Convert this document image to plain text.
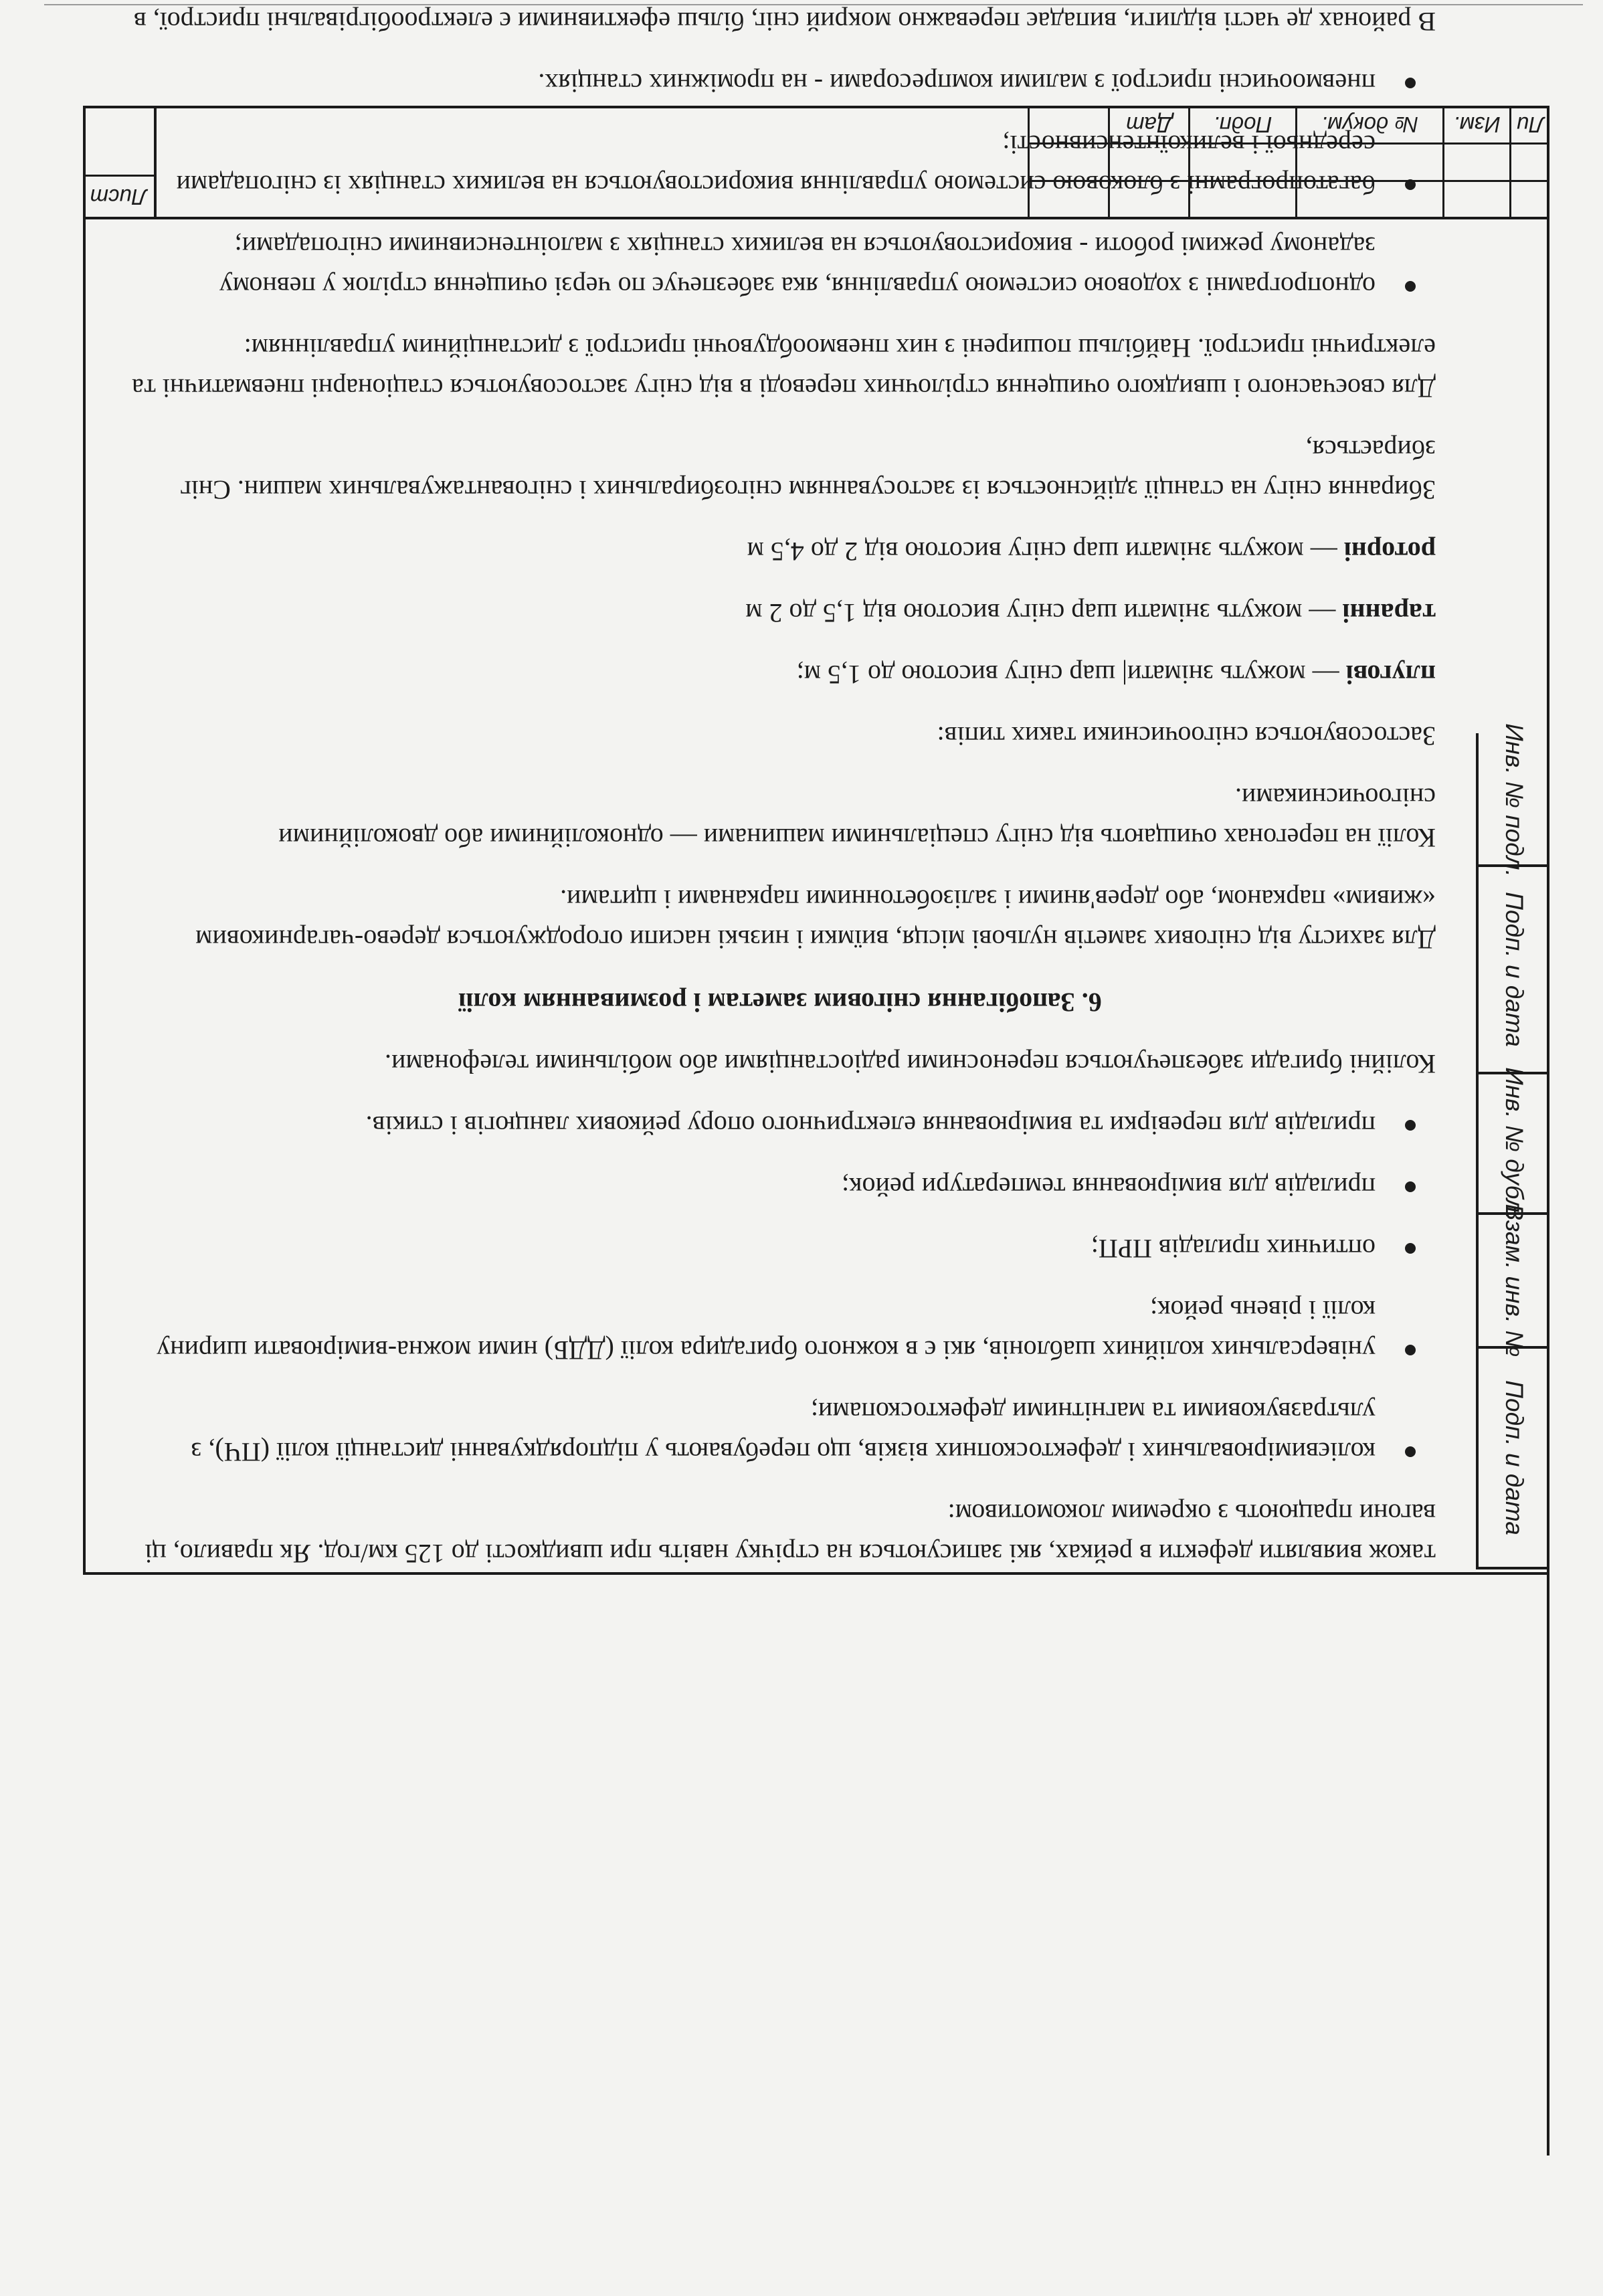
Подп. и дата
Взам. инв. №
Инв. № дубл.
Подп. и дата
Инв. № подл.

також виявляти дефекти в рейках, які записуються на стрічку навіть при швидкості до 125 км/год. Як правило, ці вагони працюють з окремим локомотивом:

колієвимірювальних і дефектоскопних візків, що перебувають у підпорядкуванні дистанції колії (ПЧ), з ультразвуковими та магнітними дефектоскопами;
універсальних колійних шаблонів, які є в кожного бригадира колії (ДДБ) ними можна-вимірювати ширину колії і рівень рейок;
оптичних приладів ПРП;
приладів для вимірювання температури рейок;
приладів для перевірки та вимірювання електричного опору рейкових ланцюгів і стиків.

Колійні бригади забезпечуються переносними радіостанціями або мобільними телефонами.

6. Запобігання сніговим заметам і розмиванням колії

Для захисту від снігових заметів нульові місця, виїмки і низькі насипи огороджуються дерево-чагарниковим «живим» парканом, або дерев'яними і залізобетонними парканами і щитами.

Колії на перегонах очищають від снігу спеціальними машинами — одноколійними або двоколійними снігоочисниками.

Застосовуються снігоочисники таких типів:

плугові — можуть знімати| шар снігу висотою до 1,5 м;

таранні — можуть знімати шар снігу висотою від 1,5 до 2 м

роторні — можуть знімати шар снігу висотою від 2 до 4,5 м

Збирання снігу на станції здійснюється із застосуванням снігозбиральних і сніговантажувальних машин. Сніг збирається,

Для своєчасного і швидкого очищення стрілочних переводі в від снігу застосовуються стаціонарні пневматичні та електричні пристрої. Найбільш поширені з них пневмообдувочні пристрої з дистанційним управлінням:

однопрограмні з ходовою системою управління, яка забезпечує по черзі очищення стрілок у певному заданому режимі роботи - використовуються на великих станціях з малоінтенсивними снігопадами;
багатопрограмні з блоковою системою управління використовуються на великих станціях із снігопадами середньої і великоїнтенсивності;
пневмоочисні пристрої з малими компресорами - на проміжних станціях.

В районах де часті відлиги, випадає переважно мокрий сніг, більш ефективними є електрообігрівальні пристрої, в

Ли
Изм.
№ докум.
Подп.
Дат
Лист
